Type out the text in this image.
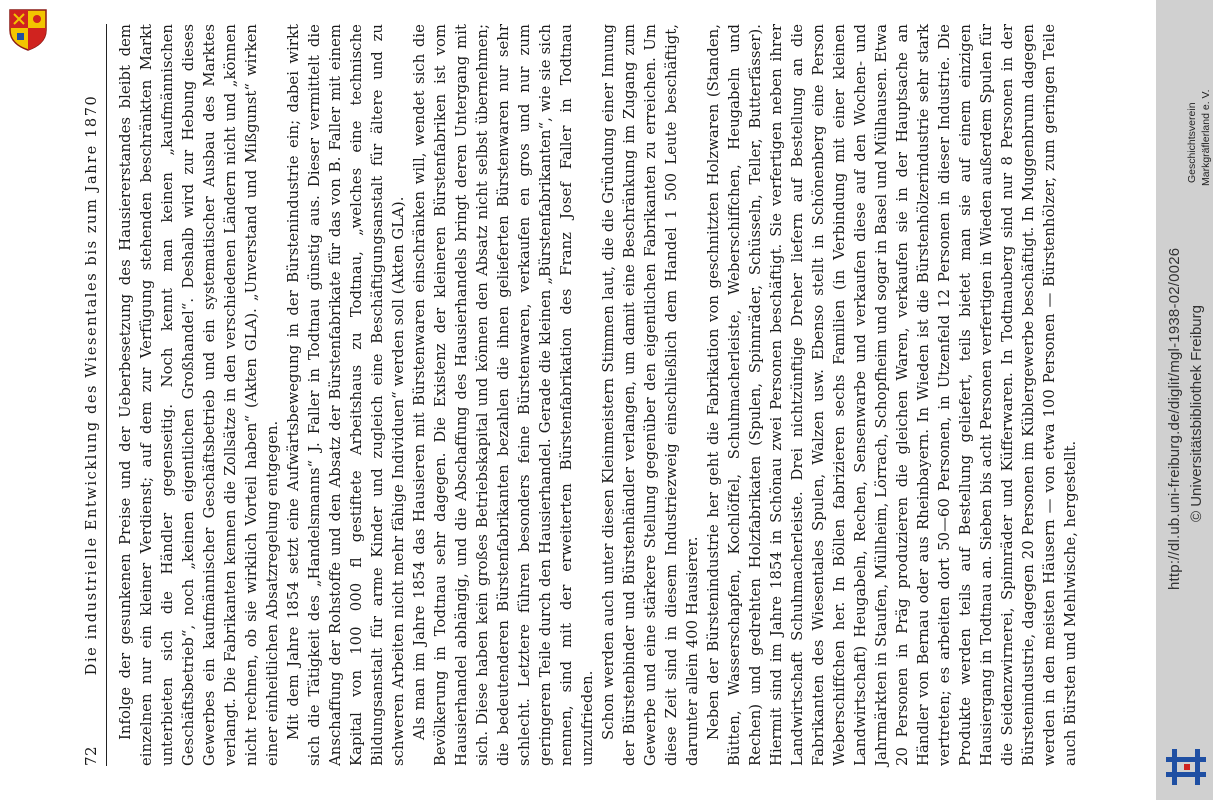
72
Die industrielle Entwicklung des Wiesentales bis zum Jahre 1870 Infolge der gesunkenen Preise und der Ueberbesetzung des Hausiererstandes bleibt dem einzelnen nur ein kleiner Verdienst; auf dem zur Verfügung stehenden beschränkten Markt unterbieten sich die Händler gegenseitig. Noch kennt man keinen „kaufmännischen Geschäftsbetrieb“, noch „keinen eigentlichen Großhandel“. Deshalb wird zur Hebung dieses Gewerbes ein kaufmännischer Geschäftsbetrieb und ein systematischer Ausbau des Marktes verlangt. Die Fabrikanten kennen die Zollsätze in den verschiedenen Ländern nicht und „können nicht rechnen, ob sie wirklich Vorteil haben“ (Akten GLA). „Unverstand und Mißgunst“ wirken einer einheitlichen Absatzregelung entgegen. Mit dem Jahre 1854 setzt eine Aufwärtsbewegung in der Bürstenindustrie ein; dabei wirkt sich die Tätigkeit des „Handelsmanns“ J. Faller in Todtnau günstig aus. Dieser vermittelt die Anschaffung der Rohstoffe und den Absatz der Bürstenfabrikate für das von B. Faller mit einem Kapital von 100 000 fl gestiftete Arbeitshaus zu Todtnau, „welches eine technische Bildungsanstalt für arme Kinder und zugleich eine Beschäftigungsanstalt für ältere und zu schweren Arbeiten nicht mehr fähige Individuen“ werden soll (Akten GLA). Als man im Jahre 1854 das Hausieren mit Bürstenwaren einschränken will, wendet sich die Bevölkerung in Todtnau sehr dagegen. Die Existenz der kleineren Bürstenfabriken ist vom Hausierhandel abhängig, und die Abschaffung des Hausierhandels bringt deren Untergang mit sich. Diese haben kein großes Betriebskapital und können den Absatz nicht selbst übernehmen; die bedeutenderen Bürstenfabrikanten bezahlen die ihnen gelieferten Bürstenwaren nur sehr schlecht. Letztere führen besonders feine Bürstenwaren, verkaufen en gros und nur zum geringeren Teile durch den Hausierhandel. Gerade die kleinen „Bürstenfabrikanten“, wie sie sich nennen, sind mit der erweiterten Bürstenfabrikation des Franz Josef Faller in Todtnau unzufrieden. Schon werden auch unter diesen Kleinmeistern Stimmen laut, die die Gründung einer Innung der Bürstenbinder und Bürstenhändler verlangen, um damit eine Beschränkung im Zugang zum Gewerbe und eine stärkere Stellung gegenüber den eigentlichen Fabrikanten zu erreichen. Um diese Zeit sind in diesem Industriezweig einschließlich dem Handel 1 500 Leute beschäftigt, darunter allein 400 Hausierer. Neben der Bürstenindustrie her geht die Fabrikation von geschnitzten Holzwaren (Standen, Bütten, Wasserschapfen, Kochlöffel, Schuhmacherleiste, Weberschiffchen, Heugabeln und Rechen) und gedrehten Holzfabrikaten (Spulen, Spinnräder, Schüsseln, Teller, Butterfässer). Hiermit sind im Jahre 1854 in Schönau zwei Personen beschäftigt. Sie verfertigen neben ihrer Landwirtschaft Schuhmacherleiste. Drei nichtzünftige Dreher liefern auf Bestellung an die Fabrikanten des Wiesentales Spulen, Walzen usw. Ebenso stellt in Schönenberg eine Person Weberschiffchen her. In Böllen fabrizieren sechs Familien (in Verbindung mit einer kleinen Landwirtschaft) Heugabeln, Rechen, Sensenwarbe und verkaufen diese auf den Wochen- und Jahrmärkten in Staufen, Müllheim, Lörrach, Schopfheim und sogar in Basel und Mülhausen. Etwa 20 Personen in Präg produzieren die gleichen Waren, verkaufen sie in der Hauptsache an Händler von Bernau oder aus Rheinbayern. In Wieden ist die Bürstenhölzerindustrie sehr stark vertreten; es arbeiten dort 50—60 Personen, in Utzenfeld 12 Personen in dieser Industrie. Die Produkte werden teils auf Bestellung geliefert, teils bietet man sie auf einem einzigen Hausiergang in Todtnau an. Sieben bis acht Personen verfertigen in Wieden außerdem Spulen für die Seidenzwirnerei, Spinnräder und Küfferwaren. In Todtnauberg sind nur 8 Personen in der Bürstenindustrie, dagegen 20 Personen im Küblergewerbe beschäftigt. In Muggenbrunn dagegen werden in den meisten Häusern — von etwa 100 Personen — Bürstenhölzer, zum geringen Teile auch Bürsten und Mehlwische, hergestellt.

Geschichtsverein Markgräflerland e. V.
http://dl.ub.uni-freiburg.de/diglit/mgl-1938-02/0026 © Universitätsbibliothek Freiburg
